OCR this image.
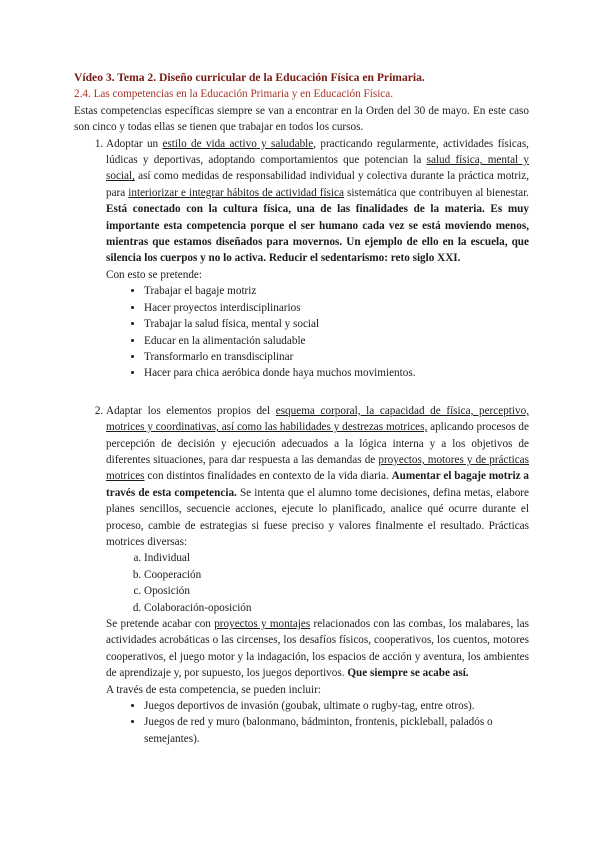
Vídeo 3. Tema 2. Diseño curricular de la Educación Física en Primaria.

2.4. Las competencias en la Educación Primaria y en Educación Física.

Estas competencias específicas siempre se van a encontrar en la Orden del 30 de mayo. En este caso son cinco y todas ellas se tienen que trabajar en todos los cursos.

1. Adoptar un estilo de vida activo y saludable, practicando regularmente, actividades físicas, lúdicas y deportivas, adoptando comportamientos que potencian la salud física, mental y social, así como medidas de responsabilidad individual y colectiva durante la práctica motriz, para interiorizar e integrar hábitos de actividad física sistemática que contribuyen al bienestar. Está conectado con la cultura física, una de las finalidades de la materia. Es muy importante esta competencia porque el ser humano cada vez se está moviendo menos, mientras que estamos diseñados para movernos. Un ejemplo de ello en la escuela, que silencia los cuerpos y no lo activa. Reducir el sedentarismo: reto siglo XXI.

Con esto se pretende:

• Trabajar el bagaje motriz
• Hacer proyectos interdisciplinarios
• Trabajar la salud física, mental y social
• Educar en la alimentación saludable
• Transformarlo en transdisciplinar
• Hacer para chica aeróbica donde haya muchos movimientos.

2. Adaptar los elementos propios del esquema corporal, la capacidad de física, perceptivo, motrices y coordinativas, así como las habilidades y destrezas motrices, aplicando procesos de percepción de decisión y ejecución adecuados a la lógica interna y a los objetivos de diferentes situaciones, para dar respuesta a las demandas de proyectos, motores y de prácticas motrices con distintos finalidades en contexto de la vida diaria. Aumentar el bagaje motriz a través de esta competencia. Se intenta que el alumno tome decisiones, defina metas, elabore planes sencillos, secuencie acciones, ejecute lo planificado, analice qué ocurre durante el proceso, cambie de estrategias si fuese preciso y valores finalmente el resultado. Prácticas motrices diversas:

a. Individual
b. Cooperación
c. Oposición
d. Colaboración-oposición

Se pretende acabar con proyectos y montajes relacionados con las combas, los malabares, las actividades acrobáticas o las circenses, los desafíos físicos, cooperativos, los cuentos, motores cooperativos, el juego motor y la indagación, los espacios de acción y aventura, los ambientes de aprendizaje y, por supuesto, los juegos deportivos. Que siempre se acabe así.

A través de esta competencia, se pueden incluir:

• Juegos deportivos de invasión (goubak, ultimate o rugby-tag, entre otros).
• Juegos de red y muro (balonmano, bádminton, frontenis, pickleball, paladós o semejantes).
